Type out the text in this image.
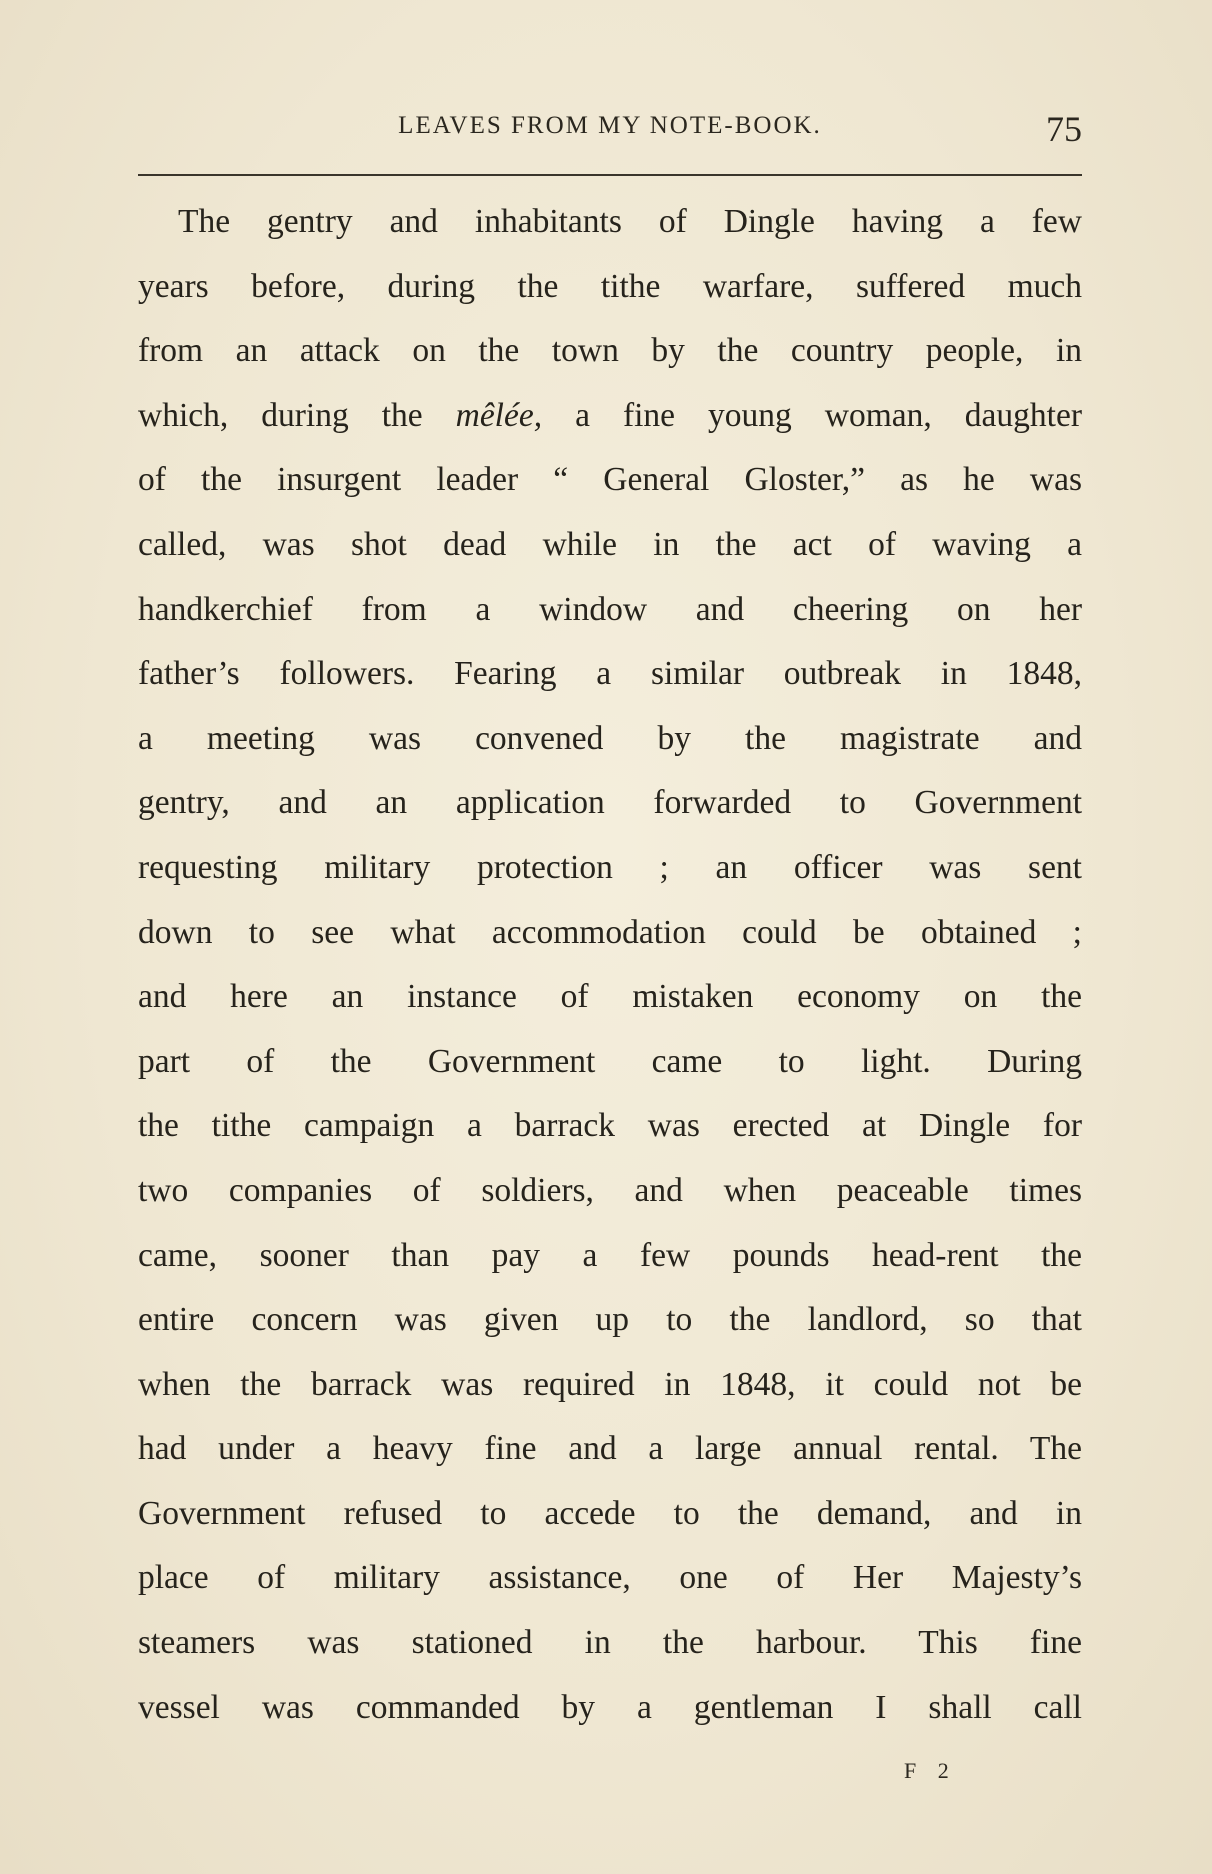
LEAVES FROM MY NOTE-BOOK.	75
The gentry and inhabitants of Dingle having a few
years before, during the tithe warfare, suffered much
from an attack on the town by the country people, in
which, during the mêlée, a fine young woman, daughter
of the insurgent leader “ General Gloster,” as he was
called, was shot dead while in the act of waving a
handkerchief from a window and cheering on her
father’s followers. Fearing a similar outbreak in 1848,
a meeting was convened by the magistrate and
gentry, and an application forwarded to Government
requesting military protection ; an officer was sent
down to see what accommodation could be obtained ;
and here an instance of mistaken economy on the
part of the Government came to light. During
the tithe campaign a barrack was erected at Dingle for
two companies of soldiers, and when peaceable times
came, sooner than pay a few pounds head-rent the
entire concern was given up to the landlord, so that
when the barrack was required in 1848, it could not be
had under a heavy fine and a large annual rental. The
Government refused to accede to the demand, and in
place of military assistance, one of Her Majesty’s
steamers was stationed in the harbour. This fine
vessel was commanded by a gentleman I shall call
F 2
